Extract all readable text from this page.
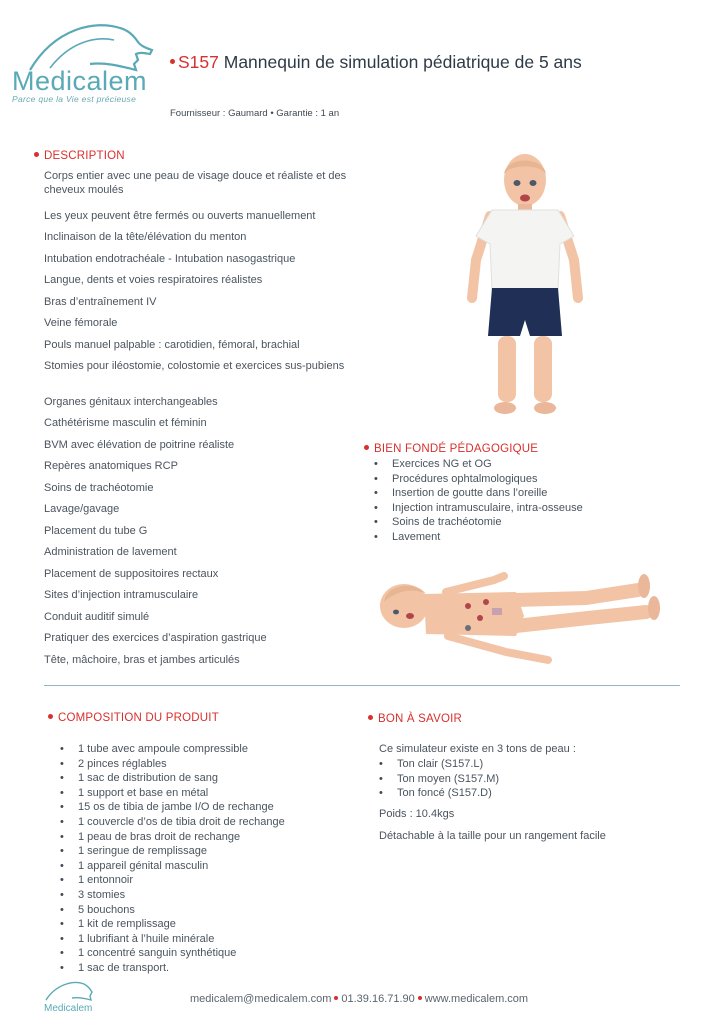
Medicalem
Parce que la Vie est précieuse
S157 Mannequin de simulation pédiatrique de 5 ans
Fournisseur : Gaumard • Garantie : 1 an
DESCRIPTION
Corps entier avec une peau de visage douce et réaliste et des cheveux moulés
Les yeux peuvent être fermés ou ouverts manuellement
Inclinaison de la tête/élévation du menton
Intubation endotrachéale - Intubation nasogastrique
Langue, dents et voies respiratoires réalistes
Bras d’entraînement IV
Veine fémorale
Pouls manuel palpable : carotidien, fémoral, brachial
Stomies pour iléostomie, colostomie et exercices sus-pubiens
Organes génitaux interchangeables
Cathétérisme masculin et féminin
BVM avec élévation de poitrine réaliste
Repères anatomiques RCP
Soins de trachéotomie
Lavage/gavage
Placement du tube G
Administration de lavement
Placement de suppositoires rectaux
Sites d’injection intramusculaire
Conduit auditif simulé
Pratiquer des exercices d’aspiration gastrique
Tête, mâchoire, bras et jambes articulés
BIEN FONDÉ PÉDAGOGIQUE
• Exercices NG et OG
• Procédures ophtalmologiques
• Insertion de goutte dans l’oreille
• Injection intramusculaire, intra-osseuse
• Soins de trachéotomie
• Lavement
COMPOSITION DU PRODUIT
• 1 tube avec ampoule compressible
• 2 pinces réglables
• 1 sac de distribution de sang
• 1 support et base en métal
• 15 os de tibia de jambe I/O de rechange
• 1 couvercle d’os de tibia droit de rechange
• 1 peau de bras droit de rechange
• 1 seringue de remplissage
• 1 appareil génital masculin
• 1 entonnoir
• 3 stomies
• 5 bouchons
• 1 kit de remplissage
• 1 lubrifiant à l’huile minérale
• 1 concentré sanguin synthétique
• 1 sac de transport.
BON À SAVOIR
Ce simulateur existe en 3 tons de peau :
• Ton clair (S157.L)
• Ton moyen (S157.M)
• Ton foncé (S157.D)
Poids : 10.4kgs
Détachable à la taille pour un rangement facile
Medicalem
medicalem@medicalem.com 01.39.16.71.90 www.medicalem.com
